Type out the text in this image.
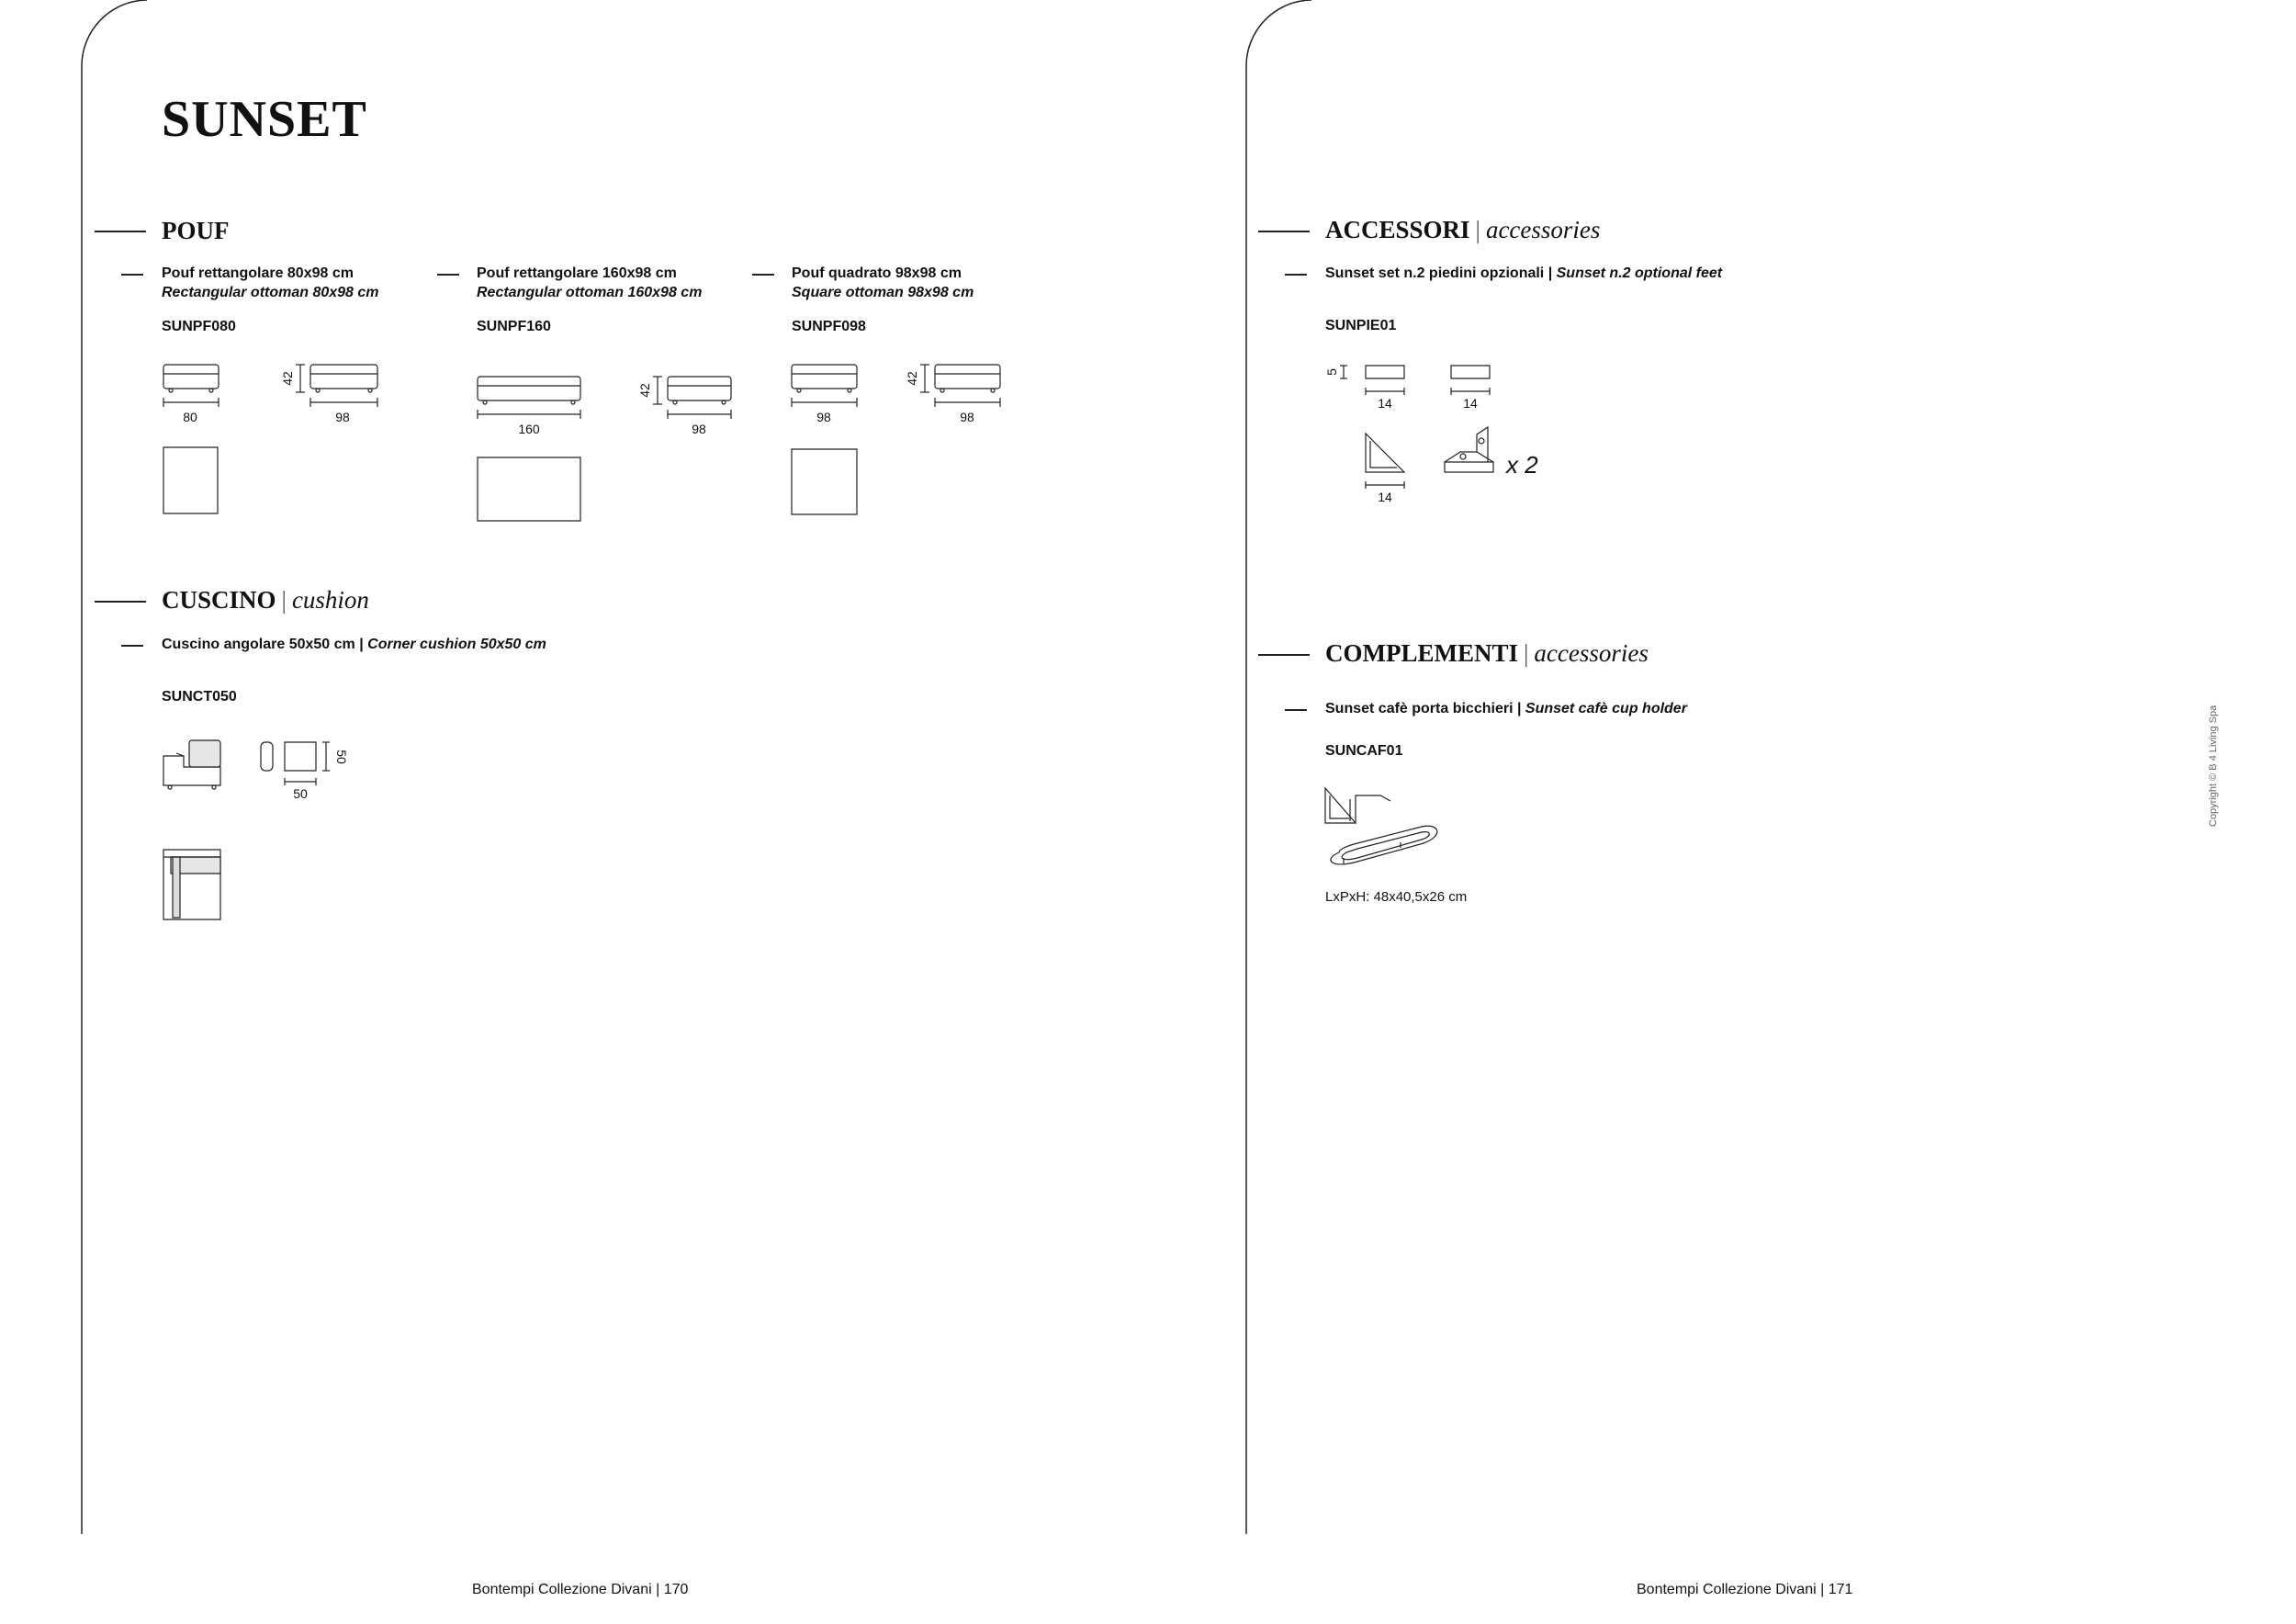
SUNSET
POUF
Pouf rettangolare 80x98 cm
Rectangular ottoman 80x98 cm
SUNPF080
Pouf rettangolare 160x98 cm
Rectangular ottoman 160x98 cm
SUNPF160
Pouf quadrato 98x98 cm
Square ottoman 98x98 cm
SUNPF098
80	98
42
160	98
42
98	98
42
CUSCINO | cushion
Cuscino angolare 50x50 cm | Corner cushion 50x50 cm
SUNCT050
50
50
ACCESSORI | accessories
Sunset set n.2 piedini opzionali | Sunset n.2 optional feet
SUNPIE01
14	14
14
5
x 2
COMPLEMENTI | accessories
Sunset cafè porta bicchieri | Sunset cafè cup holder
SUNCAF01
LxPxH: 48x40,5x26 cm
Copyright © B 4 Living Spa
Bontempi Collezione Divani | 170	Bontempi Collezione Divani | 171
